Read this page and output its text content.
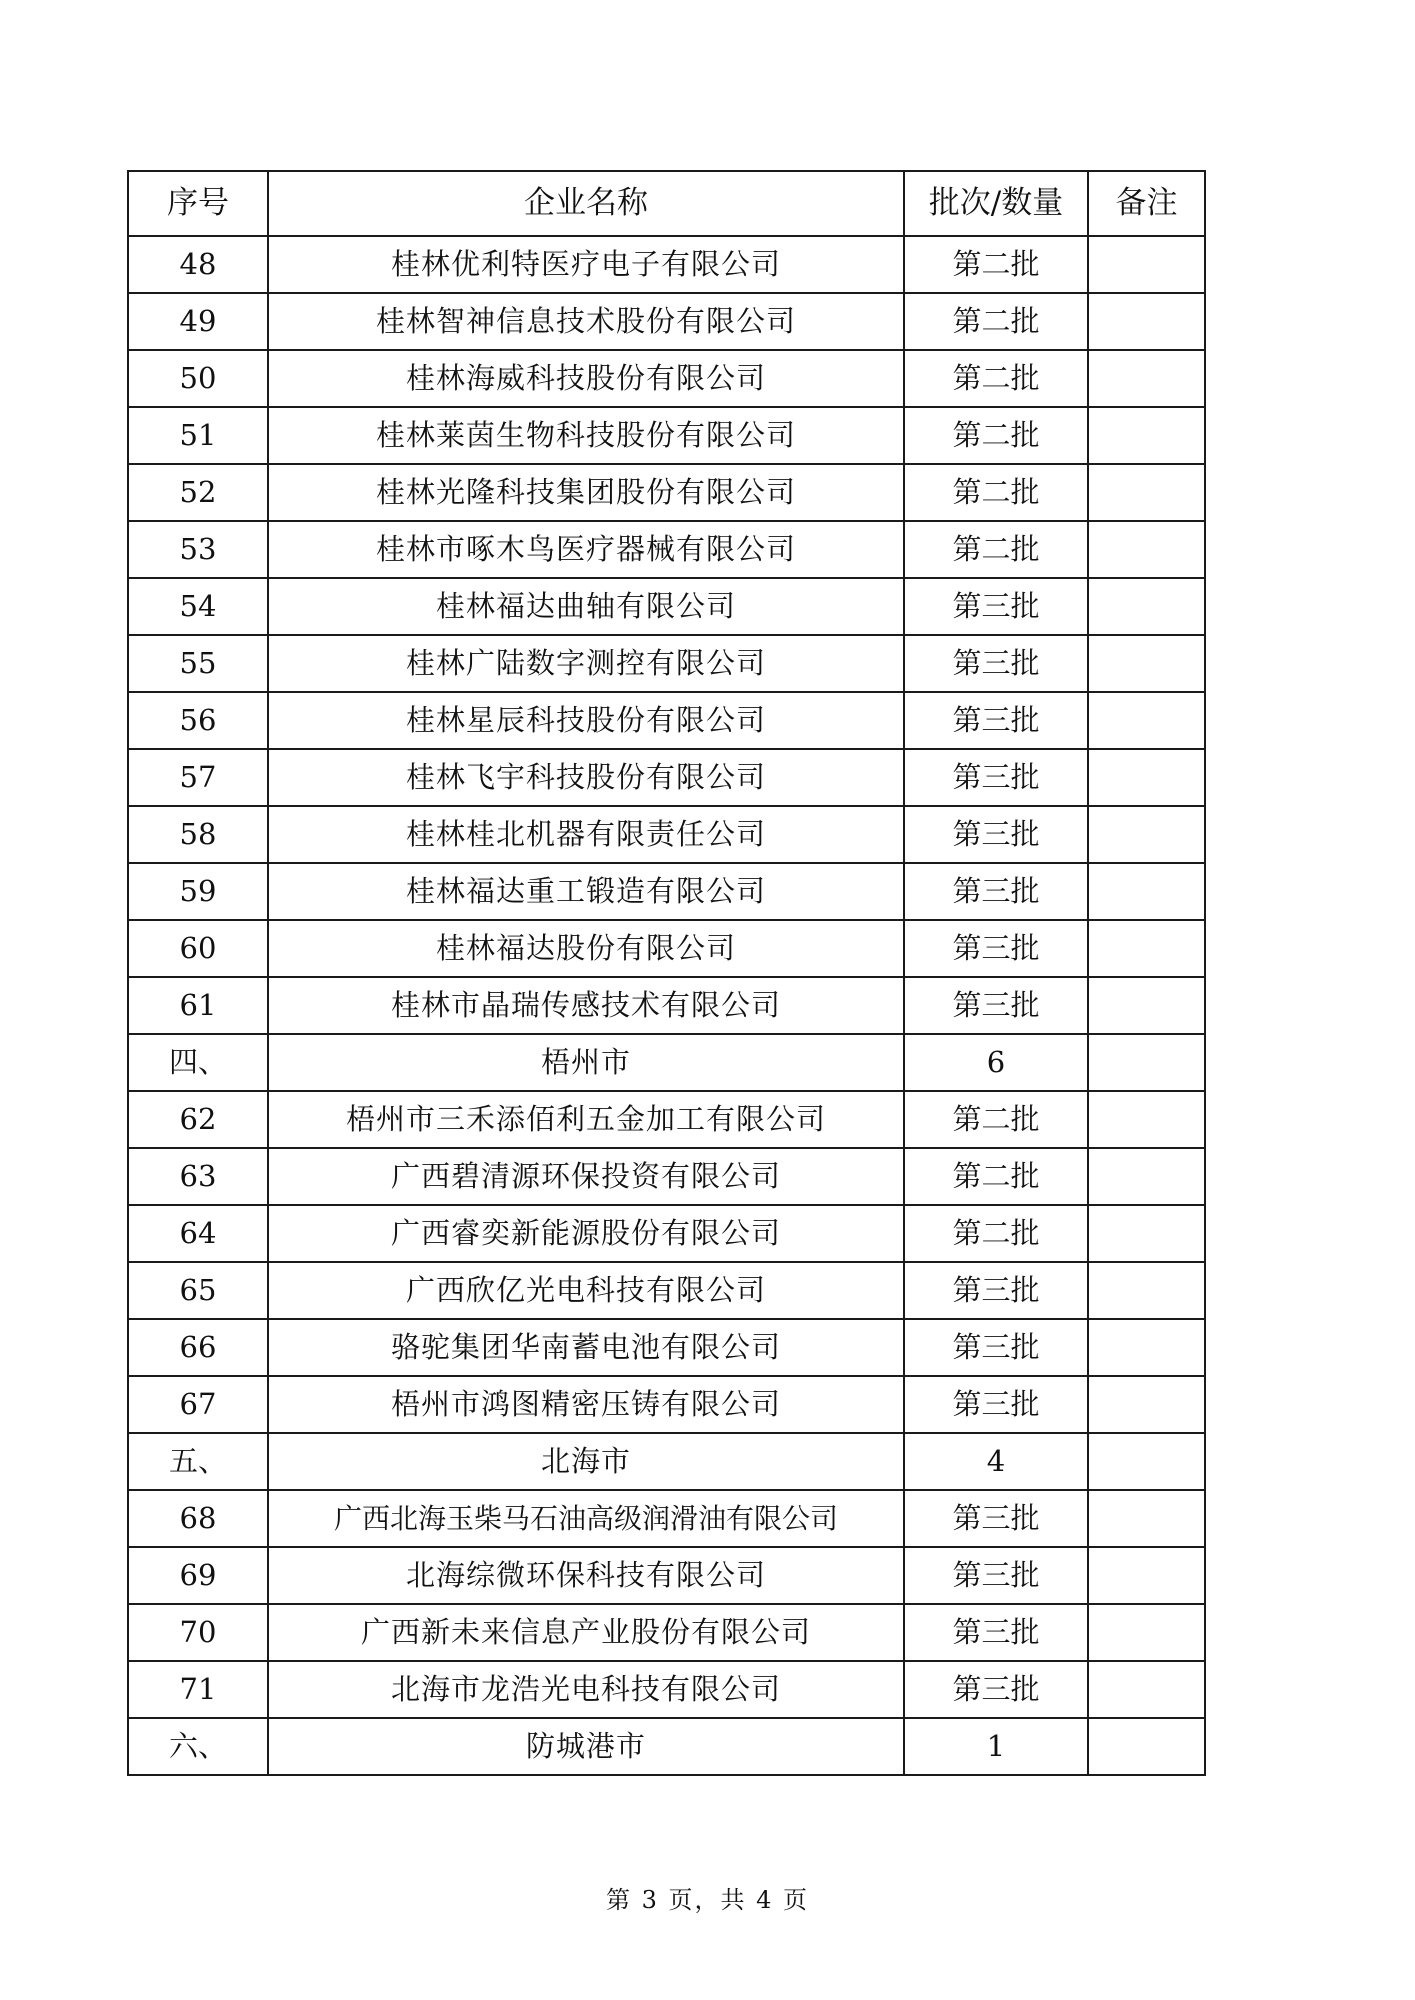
序号	企业名称	批次/数量	备注
48	桂林优利特医疗电子有限公司	第二批	
49	桂林智神信息技术股份有限公司	第二批	
50	桂林海威科技股份有限公司	第二批	
51	桂林莱茵生物科技股份有限公司	第二批	
52	桂林光隆科技集团股份有限公司	第二批	
53	桂林市啄木鸟医疗器械有限公司	第二批	
54	桂林福达曲轴有限公司	第三批	
55	桂林广陆数字测控有限公司	第三批	
56	桂林星辰科技股份有限公司	第三批	
57	桂林飞宇科技股份有限公司	第三批	
58	桂林桂北机器有限责任公司	第三批	
59	桂林福达重工锻造有限公司	第三批	
60	桂林福达股份有限公司	第三批	
61	桂林市晶瑞传感技术有限公司	第三批	
四、	梧州市	6	
62	梧州市三禾添佰利五金加工有限公司	第二批	
63	广西碧清源环保投资有限公司	第二批	
64	广西睿奕新能源股份有限公司	第二批	
65	广西欣亿光电科技有限公司	第三批	
66	骆驼集团华南蓄电池有限公司	第三批	
67	梧州市鸿图精密压铸有限公司	第三批	
五、	北海市	4	
68	广西北海玉柴马石油高级润滑油有限公司	第三批	
69	北海综微环保科技有限公司	第三批	
70	广西新未来信息产业股份有限公司	第三批	
71	北海市龙浩光电科技有限公司	第三批	
六、	防城港市	1	
第 3 页，共 4 页
